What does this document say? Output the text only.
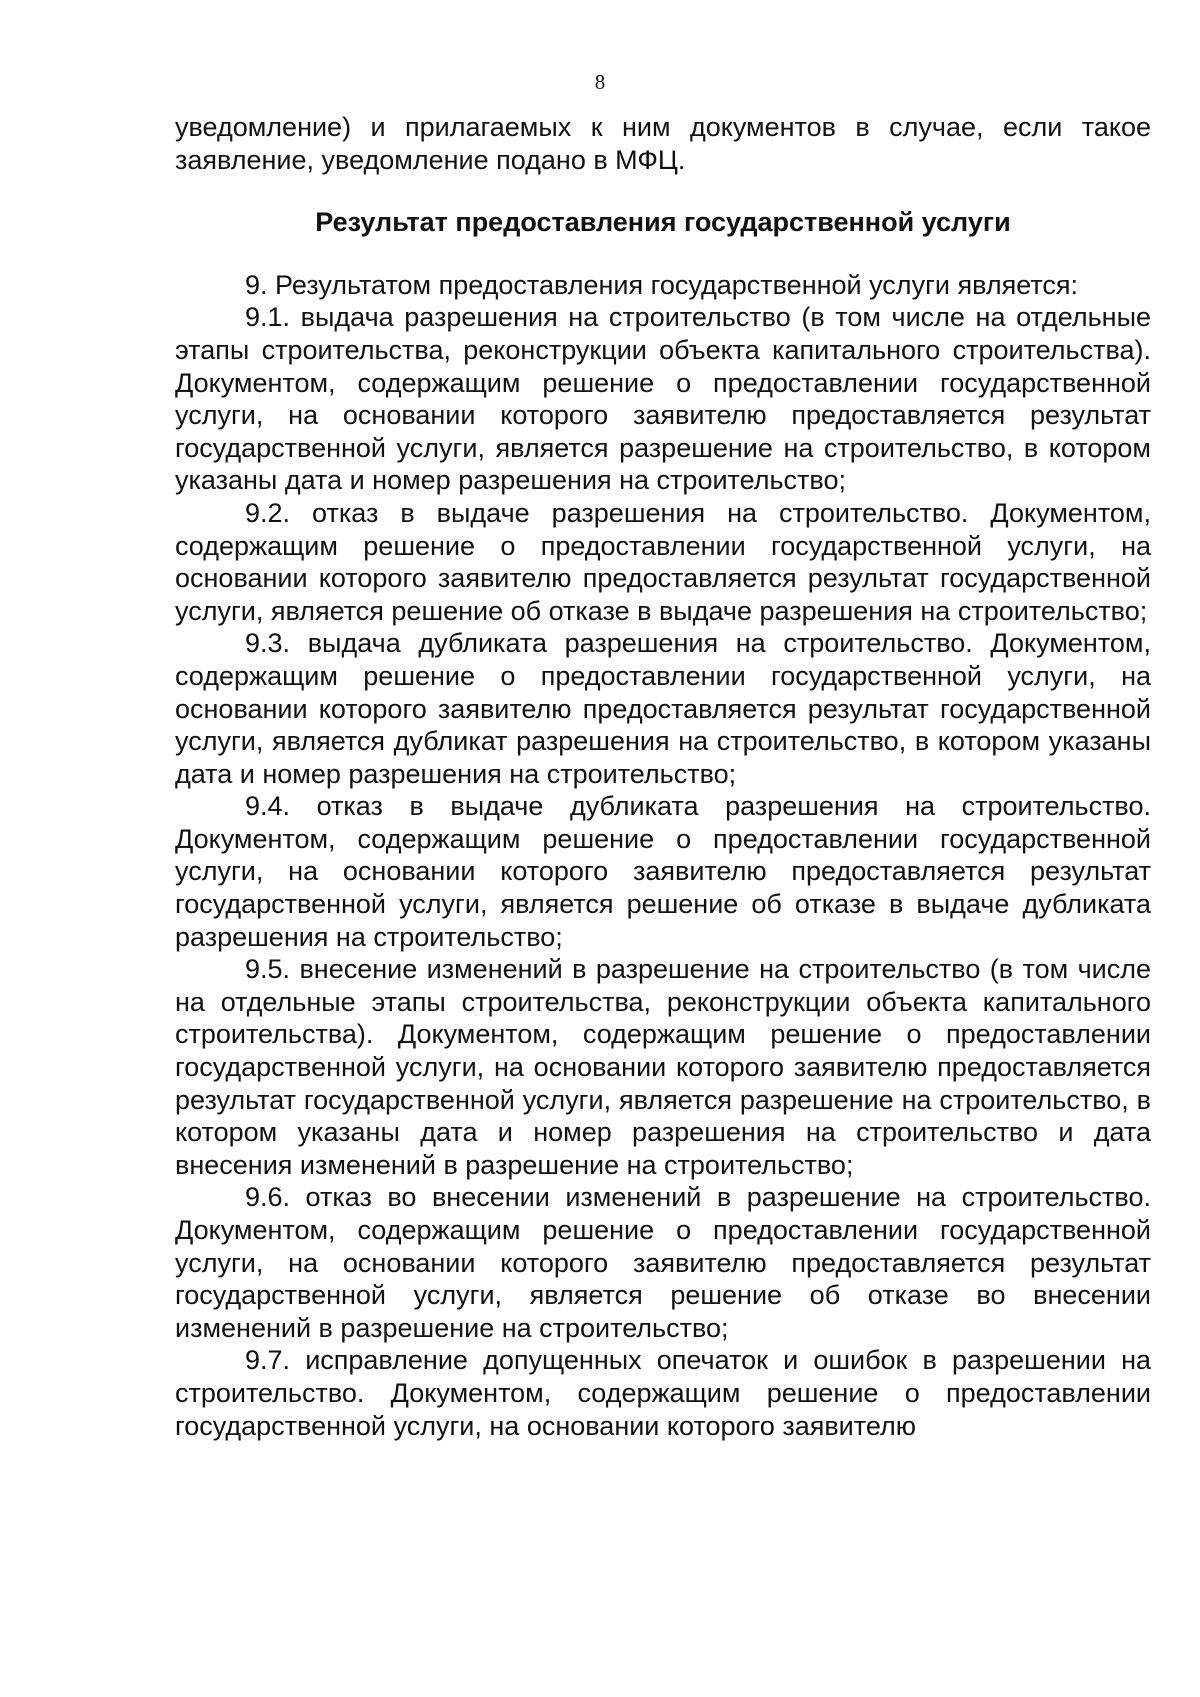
8

уведомление) и прилагаемых к ним документов в случае, если такое заявление, уведомление подано в МФЦ.

Результат предоставления государственной услуги

9. Результатом предоставления государственной услуги является:

9.1. выдача разрешения на строительство (в том числе на отдельные этапы строительства, реконструкции объекта капитального строительства). Документом, содержащим решение о предоставлении государственной услуги, на основании которого заявителю предоставляется результат государственной услуги, является разрешение на строительство, в котором указаны дата и номер разрешения на строительство;

9.2. отказ в выдаче разрешения на строительство. Документом, содержащим решение о предоставлении государственной услуги, на основании которого заявителю предоставляется результат государственной услуги, является решение об отказе в выдаче разрешения на строительство;

9.3. выдача дубликата разрешения на строительство. Документом, содержащим решение о предоставлении государственной услуги, на основании которого заявителю предоставляется результат государственной услуги, является дубликат разрешения на строительство, в котором указаны дата и номер разрешения на строительство;

9.4. отказ в выдаче дубликата разрешения на строительство. Документом, содержащим решение о предоставлении государственной услуги, на основании которого заявителю предоставляется результат государственной услуги, является решение об отказе в выдаче дубликата разрешения на строительство;

9.5. внесение изменений в разрешение на строительство (в том числе на отдельные этапы строительства, реконструкции объекта капитального строительства). Документом, содержащим решение о предоставлении государственной услуги, на основании которого заявителю предоставляется результат государственной услуги, является разрешение на строительство, в котором указаны дата и номер разрешения на строительство и дата внесения изменений в разрешение на строительство;

9.6. отказ во внесении изменений в разрешение на строительство. Документом, содержащим решение о предоставлении государственной услуги, на основании которого заявителю предоставляется результат государственной услуги, является решение об отказе во внесении изменений в разрешение на строительство;

9.7. исправление допущенных опечаток и ошибок в разрешении на строительство. Документом, содержащим решение о предоставлении государственной услуги, на основании которого заявителю
